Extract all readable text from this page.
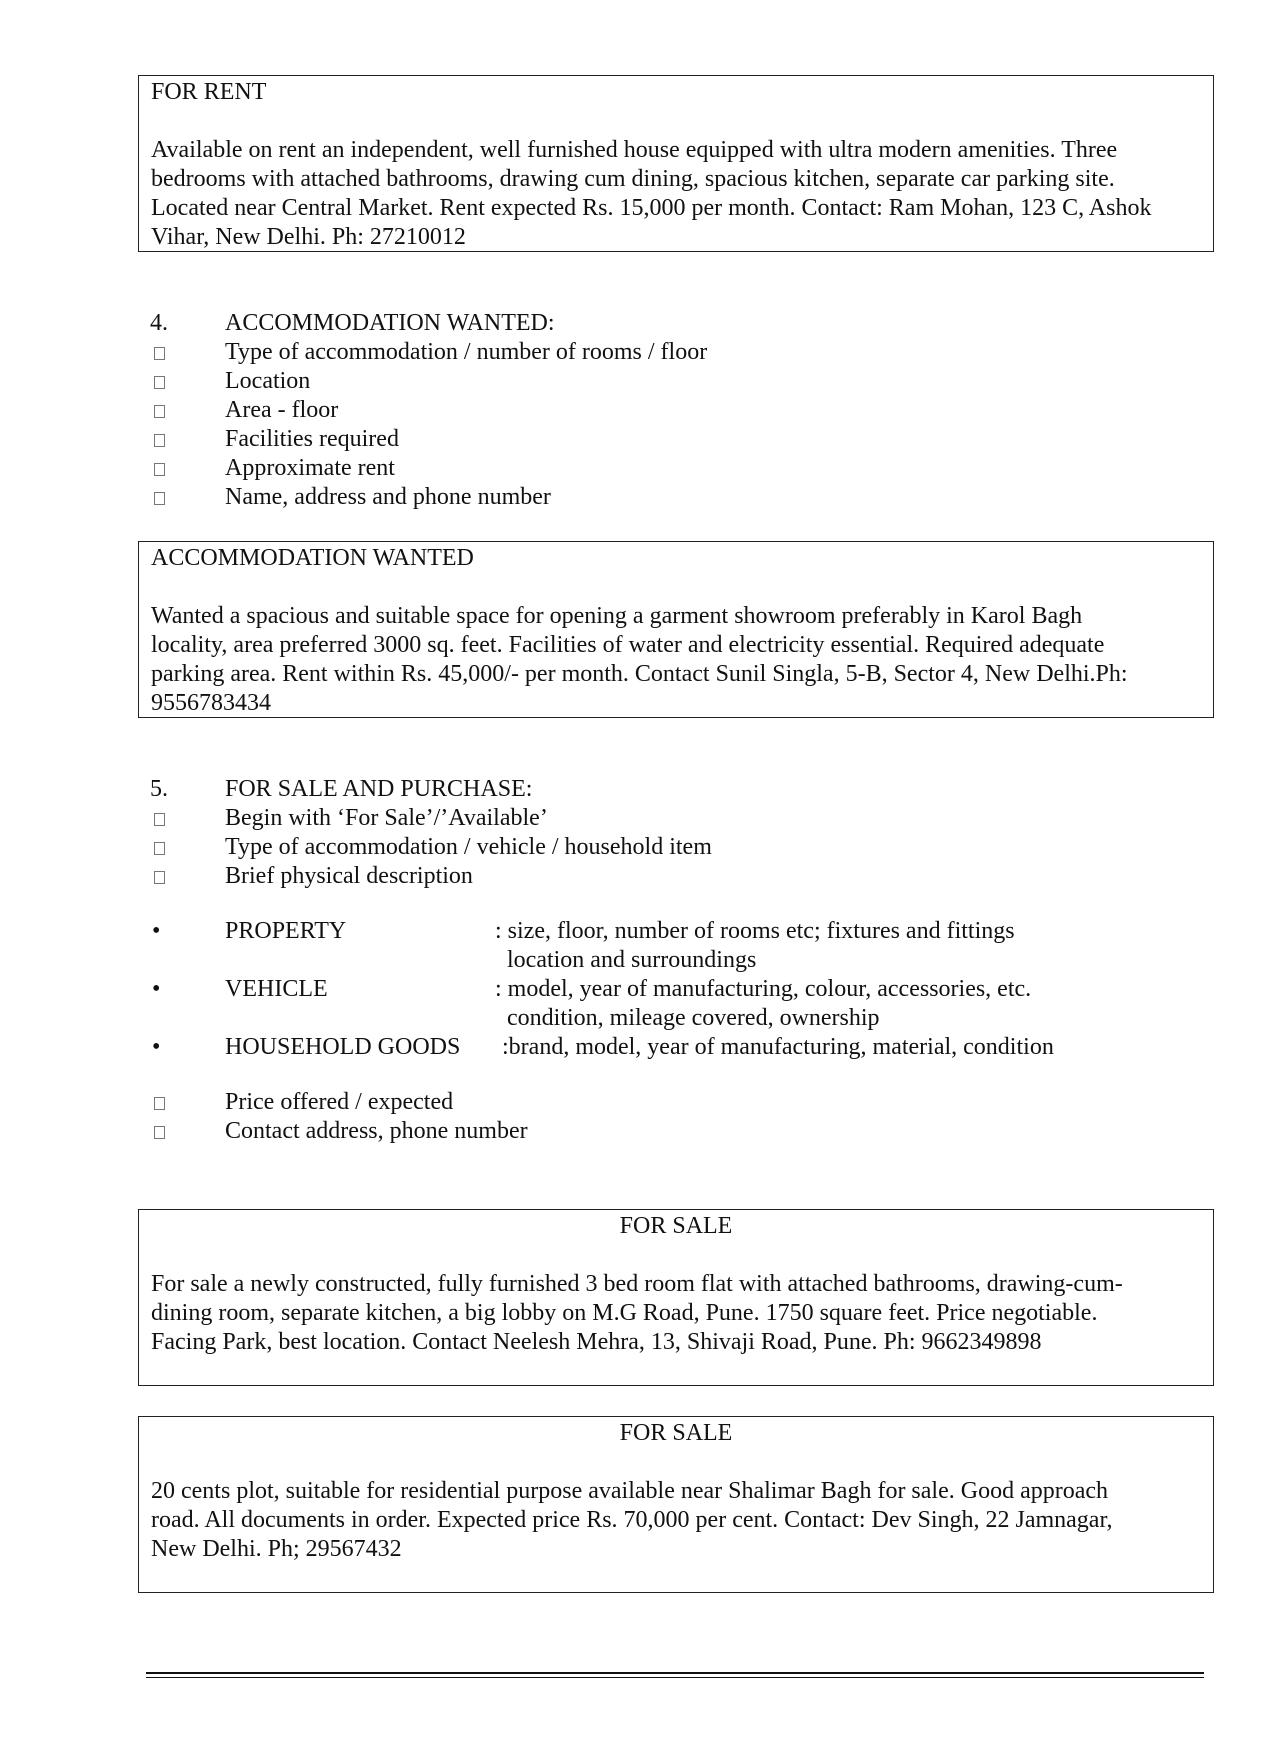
FOR RENT

Available on rent an independent, well furnished house equipped with ultra modern amenities. Three

bedrooms with attached bathrooms, drawing cum dining, spacious kitchen, separate car parking site.

Located near Central Market. Rent expected Rs. 15,000 per month. Contact: Ram Mohan, 123 C, Ashok

Vihar, New Delhi. Ph: 27210012

4. ACCOMMODATION WANTED:
Type of accommodation / number of rooms / floor
Location
Area - floor
Facilities required
Approximate rent
Name, address and phone number

ACCOMMODATION WANTED

Wanted a spacious and suitable space for opening a garment showroom preferably in Karol Bagh

locality, area preferred 3000 sq. feet. Facilities of water and electricity essential. Required adequate

parking area. Rent within Rs. 45,000/- per month. Contact Sunil Singla, 5-B, Sector 4, New Delhi.Ph:

9556783434

5. FOR SALE AND PURCHASE:
Begin with ‘For Sale’/’Available’
Type of accommodation / vehicle / household item
Brief physical description
•	PROPERTY	: size, floor, number of rooms etc; fixtures and fittings
location and surroundings
•	VEHICLE	: model, year of manufacturing, colour, accessories, etc.
condition, mileage covered, ownership
•	HOUSEHOLD GOODS :brand, model, year of manufacturing, material, condition
Price offered / expected
Contact address, phone number

FOR SALE

For sale a newly constructed, fully furnished 3 bed room flat with attached bathrooms, drawing-cum-

dining room, separate kitchen, a big lobby on M.G Road, Pune. 1750 square feet. Price negotiable.

Facing Park, best location. Contact Neelesh Mehra, 13, Shivaji Road, Pune. Ph: 9662349898

FOR SALE

20 cents plot, suitable for residential purpose available near Shalimar Bagh for sale. Good approach

road. All documents in order. Expected price Rs. 70,000 per cent. Contact: Dev Singh, 22 Jamnagar,

New Delhi. Ph; 29567432
